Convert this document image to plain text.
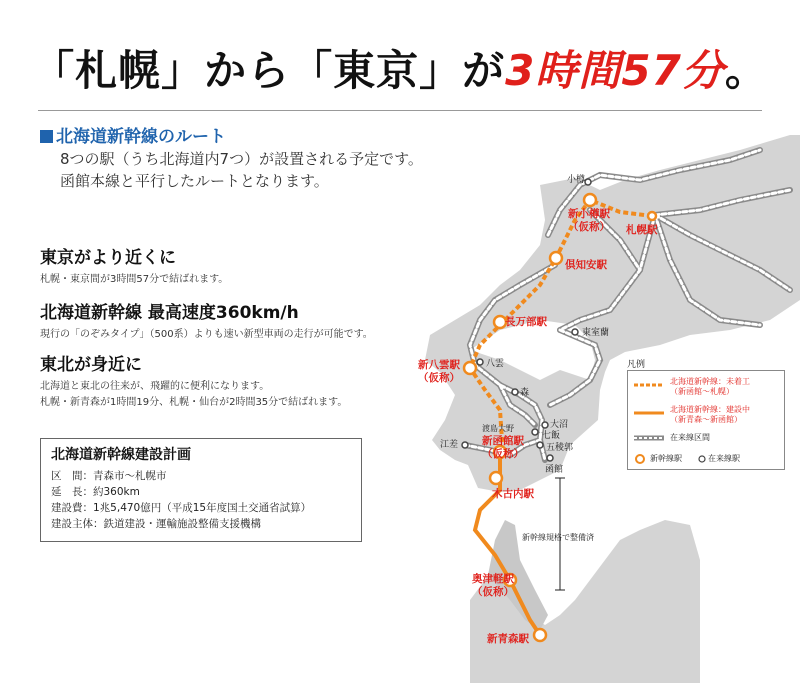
「札幌」から「東京」が3時間57分。
新幹線規格で整備済
新小樽駅
（仮称） 札幌駅
倶知安駅
長万部駅
新八雲駅
（仮称）
新函館駅
（仮称）
木古内駅
奥津軽駅
（仮称）
新青森駅
小樽
東室蘭
八雲
森
大沼
七飯
五稜郭
函館
江差
渡島大野
凡例
北海道新幹線：未着工
（新函館～札幌）
北海道新幹線：建設中
（新青森～新函館）
在来線区間
新幹線駅	在来線駅
北海道新幹線のルート
8つの駅（うち北海道内7つ）が設置される予定です。
函館本線と平行したルートとなります。
東京がより近くに
札幌・東京間が3時間57分で結ばれます。
北海道新幹線 最高速度360km/h
現行の「のぞみタイプ」（500系）よりも速い新型車両の走行が可能です。
東北が身近に
北海道と東北の往来が、飛躍的に便利になります。
札幌・新青森が1時間19分、札幌・仙台が2時間35分で結ばれます。
北海道新幹線建設計画
区　間：青森市～札幌市
延　長：約360km
建設費：1兆5,470億円（平成15年度国土交通省試算）
建設主体：鉄道建設・運輸施設整備支援機構
